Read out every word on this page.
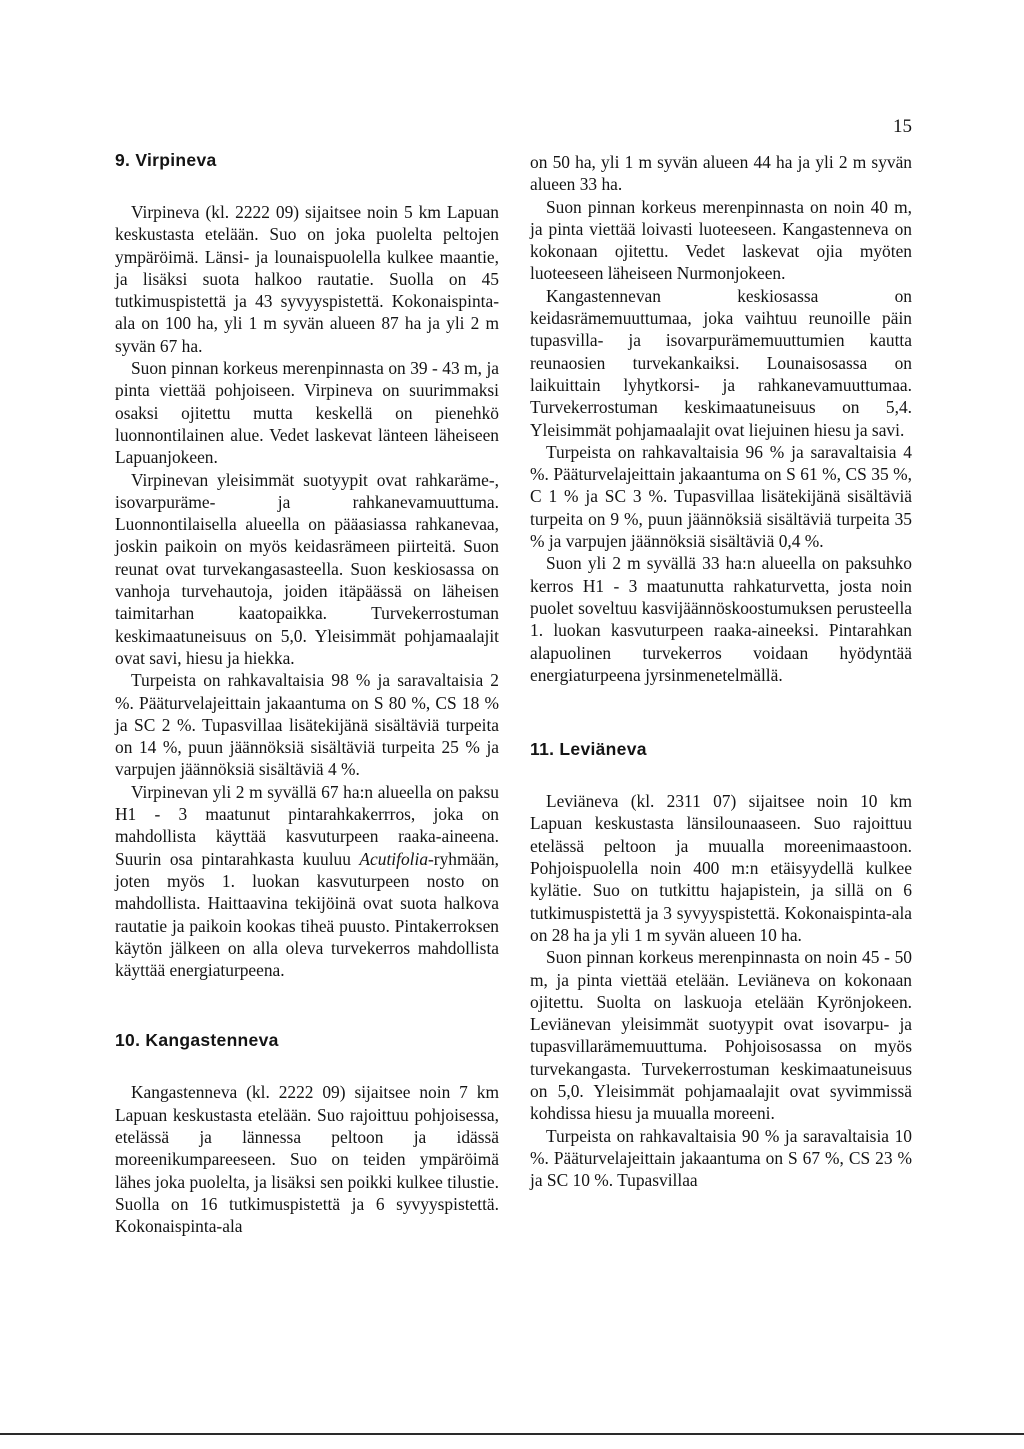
15
9. Virpineva

Virpineva (kl. 2222 09) sijaitsee noin 5 km Lapuan keskustasta etelään. Suo on joka puolelta peltojen ympäröimä. Länsi- ja lounaispuolella kulkee maantie, ja lisäksi suota halkoo rautatie. Suolla on 45 tutkimuspistettä ja 43 syvyyspistettä. Kokonaispinta-ala on 100 ha, yli 1 m syvän alueen 87 ha ja yli 2 m syvän 67 ha.

Suon pinnan korkeus merenpinnasta on 39 - 43 m, ja pinta viettää pohjoiseen. Virpineva on suurimmaksi osaksi ojitettu mutta keskellä on pienehkö luonnontilainen alue. Vedet laskevat länteen läheiseen Lapuanjokeen.

Virpinevan yleisimmät suotyypit ovat rahkaräme-, isovarpuräme- ja rahkanevamuuttuma. Luonnontilaisella alueella on pääasiassa rahkanevaa, joskin paikoin on myös keidasrämeen piirteitä. Suon reunat ovat turvekangasasteella. Suon keskiosassa on vanhoja turvehautoja, joiden itäpäässä on läheisen taimitarhan kaatopaikka. Turvekerrostuman keskimaatuneisuus on 5,0. Yleisimmät pohjamaalajit ovat savi, hiesu ja hiekka.

Turpeista on rahkavaltaisia 98 % ja saravaltaisia 2 %. Pääturvelajeittain jakaantuma on S 80 %, CS 18 % ja SC 2 %. Tupasvillaa lisätekijänä sisältäviä turpeita on 14 %, puun jäännöksiä sisältäviä turpeita 25 % ja varpujen jäännöksiä sisältäviä 4 %.

Virpinevan yli 2 m syvällä 67 ha:n alueella on paksu H1 - 3 maatunut pintarahkakerrros, joka on mahdollista käyttää kasvuturpeen raaka-aineena. Suurin osa pintarahkasta kuuluu Acutifolia-ryhmään, joten myös 1. luokan kasvuturpeen nosto on mahdollista. Haittaavina tekijöinä ovat suota halkova rautatie ja paikoin kookas tiheä puusto. Pintakerroksen käytön jälkeen on alla oleva turvekerros mahdollista käyttää energiaturpeena.

10. Kangastenneva

Kangastenneva (kl. 2222 09) sijaitsee noin 7 km Lapuan keskustasta etelään. Suo rajoittuu pohjoisessa, etelässä ja lännessa peltoon ja idässä moreenikumpareeseen. Suo on teiden ympäröimä lähes joka puolelta, ja lisäksi sen poikki kulkee tilustie. Suolla on 16 tutkimuspistettä ja 6 syvyyspistettä. Kokonaispinta-ala

on 50 ha, yli 1 m syvän alueen 44 ha ja yli 2 m syvän alueen 33 ha.

Suon pinnan korkeus merenpinnasta on noin 40 m, ja pinta viettää loivasti luoteeseen. Kangastenneva on kokonaan ojitettu. Vedet laskevat ojia myöten luoteeseen läheiseen Nurmonjokeen.

Kangastennevan keskiosassa on keidasrämemuuttumaa, joka vaihtuu reunoille päin tupasvilla- ja isovarpurämemuuttumien kautta reunaosien turvekankaiksi. Lounaisosassa on laikuittain lyhytkorsi- ja rahkanevamuuttumaa. Turvekerrostuman keskimaatuneisuus on 5,4. Yleisimmät pohjamaalajit ovat liejuinen hiesu ja savi.

Turpeista on rahkavaltaisia 96 % ja saravaltaisia 4 %. Pääturvelajeittain jakaantuma on S 61 %, CS 35 %, C 1 % ja SC 3 %. Tupasvillaa lisätekijänä sisältäviä turpeita on 9 %, puun jäännöksiä sisältäviä turpeita 35 % ja varpujen jäännöksiä sisältäviä 0,4 %.

Suon yli 2 m syvällä 33 ha:n alueella on paksuhko kerros H1 - 3 maatunutta rahkaturvetta, josta noin puolet soveltuu kasvijäännöskoostumuksen perusteella 1. luokan kasvuturpeen raaka-aineeksi. Pintarahkan alapuolinen turvekerros voidaan hyödyntää energiaturpeena jyrsinmenetelmällä.

11. Leviäneva

Leviäneva (kl. 2311 07) sijaitsee noin 10 km Lapuan keskustasta länsilounaaseen. Suo rajoittuu etelässä peltoon ja muualla moreenimaastoon. Pohjoispuolella noin 400 m:n etäisyydellä kulkee kylätie. Suo on tutkittu hajapistein, ja sillä on 6 tutkimuspistettä ja 3 syvyyspistettä. Kokonaispinta-ala on 28 ha ja yli 1 m syvän alueen 10 ha.

Suon pinnan korkeus merenpinnasta on noin 45 - 50 m, ja pinta viettää etelään. Leviäneva on kokonaan ojitettu. Suolta on laskuoja etelään Kyrönjokeen. Leviänevan yleisimmät suotyypit ovat isovarpu- ja tupasvillarämemuuttuma. Pohjoisosassa on myös turvekangasta. Turvekerrostuman keskimaatuneisuus on 5,0. Yleisimmät pohjamaalajit ovat syvimmissä kohdissa hiesu ja muualla moreeni.

Turpeista on rahkavaltaisia 90 % ja saravaltaisia 10 %. Pääturvelajeittain jakaantuma on S 67 %, CS 23 % ja SC 10 %. Tupasvillaa
